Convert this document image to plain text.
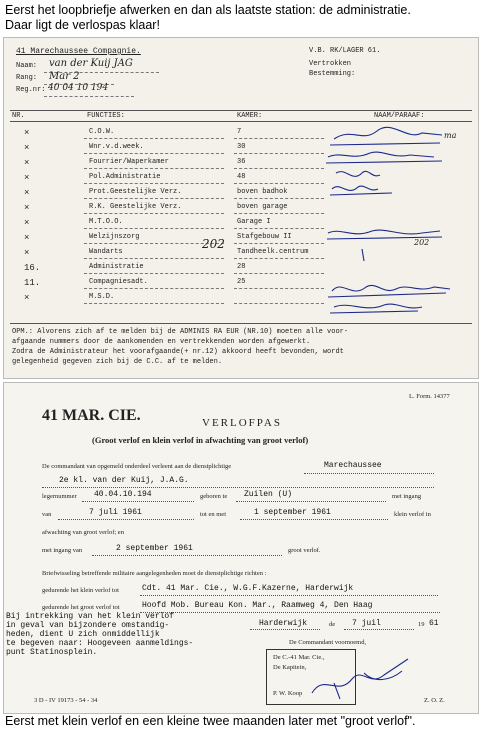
Eerst het loopbriefje afwerken en dan als laatste station: de administratie.
Daar ligt de verlospas klaar!
41 Marechaussee Compagnie.	V.B. RK/LAGER 61.
Vertrokken
Bestemming:
Naam: van der Kuij JAG
Rang: Mar 2
Reg.nr: 40 04 10 194
NR.	FUNCTIES:	KAMER:	NAAM/PARAAF:
×	C.O.W.	7
×	Wnr.v.d.week.	30
×	Fourrier/Waperkamer	36
×	Pol.Administratie	48
×	Prot.Geestelijke Verz.	boven badhok
×	R.K. Geestelijke Verz.	boven garage
×	M.T.O.O.	Garage I
×	Welzijnszorg	Stafgebouw II
×	Wandarts	Tandheelk.centrum
16.	Administratie	28
11.	Compagniesadt.	25
×	M.S.D.
202
ma
202
OPM.: Alvorens zich af te melden bij de ADMINIS RA EUR (NR.10) moeten alle voor-
afgaande nummers door de aankomenden en vertrekkenden worden afgewerkt.
Zodra de Administrateur het voorafgaande(+ nr.12) akkoord heeft bevonden, wordt
gelegenheid gegeven zich bij de C.C. af te melden.
L. Form. 14377
41 MAR. CIE.	VERLOFPAS
(Groot verlof en klein verlof in afwachting van groot verlof)
De commandant van opgemeld onderdeel verleent aan de dienstplichtige	Marechaussee
2e kl. van der Kuij, J.A.G.
legernummer 40.04.10.194	geboren te Zuilen (U)	met ingang
van	7 juli 1961	tot en met	1 september 1961	klein verlof in
afwachting van groot verlof; en
met ingang van	2 september 1961	groot verlof.
Briefwisseling betreffende militaire aangelegenheden moet de dienstplichtige richten :
gedurende het klein verlof tot	Cdt. 41 Mar. Cie., W.G.F.Kazerne, Harderwijk
gedurende het groot verlof tot	Hoofd Mob. Bureau Kon. Mar., Raamweg 4, Den Haag
Bij intrekking van het klein verlof
in geval van bijzondere omstandig-
heden, dient U zich onmiddellijk
te begeven naar: Hoogeveen aanmeldings-
punt Statinosplein.
Harderwijk	de 7 juil	19 61
De Commandant voornoemd,
De C.-41 Mar. Cie.,
De Kapitein,
P. W. Koop
3 D - IV 19173 - 54 - 34	Z. O. Z.
Eerst met klein verlof en een kleine twee maanden later met "groot verlof".
